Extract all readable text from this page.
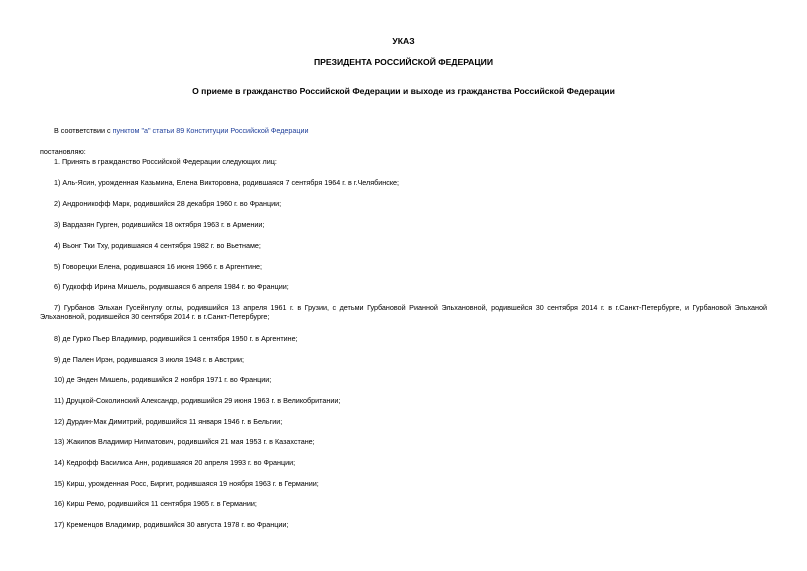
УКАЗ
ПРЕЗИДЕНТА РОССИЙСКОЙ ФЕДЕРАЦИИ
О приеме в гражданство Российской Федерации и выходе из гражданства Российской Федерации
В соответствии с пунктом "а" статьи 89 Конституции Российской Федерации
постановляю:
1. Принять в гражданство Российской Федерации следующих лиц:
1) Аль-Ясин, урожденная Казьмина, Елена Викторовна, родившаяся 7 сентября 1964 г. в г.Челябинске;
2) Андроникофф Марк, родившийся 28 декабря 1960 г. во Франции;
3) Вардазян Гурген, родившийся 18 октября 1963 г. в Армении;
4) Вьонг Тки Тху, родившаяся 4 сентября 1982 г. во Вьетнаме;
5) Говорецки Елена, родившаяся 16 июня 1966 г. в Аргентине;
6) Гудкофф Ирина Мишель, родившаяся 6 апреля 1984 г. во Франции;
7) Гурбанов Эльхан Гусейнгулу оглы, родившийся 13 апреля 1961 г. в Грузии, с детьми Гурбановой Рианной Эльхановной, родившейся 30 сентября 2014 г. в г.Санкт-Петербурге, и Гурбановой Эльханой Эльхановной, родившейся 30 сентября 2014 г. в г.Санкт-Петербурге;
8) де Гурко Пьер Владимир, родившийся 1 сентября 1950 г. в Аргентине;
9) де Пален Ирэн, родившаяся 3 июля 1948 г. в Австрии;
10) де Энден Мишель, родившийся 2 ноября 1971 г. во Франции;
11) Друцкой-Соколинский Александр, родившийся 29 июня 1963 г. в Великобритании;
12) Дурдин-Мак Димитрий, родившийся 11 января 1946 г. в Бельгии;
13) Жакипов Владимир Нигматович, родившийся 21 мая 1953 г. в Казахстане;
14) Кедрофф Василиса Анн, родившаяся 20 апреля 1993 г. во Франции;
15) Кирш, урожденная Росс, Биргит, родившаяся 19 ноября 1963 г. в Германии;
16) Кирш Ремо, родившийся 11 сентября 1965 г. в Германии;
17) Кременцов Владимир, родившийся 30 августа 1978 г. во Франции;
